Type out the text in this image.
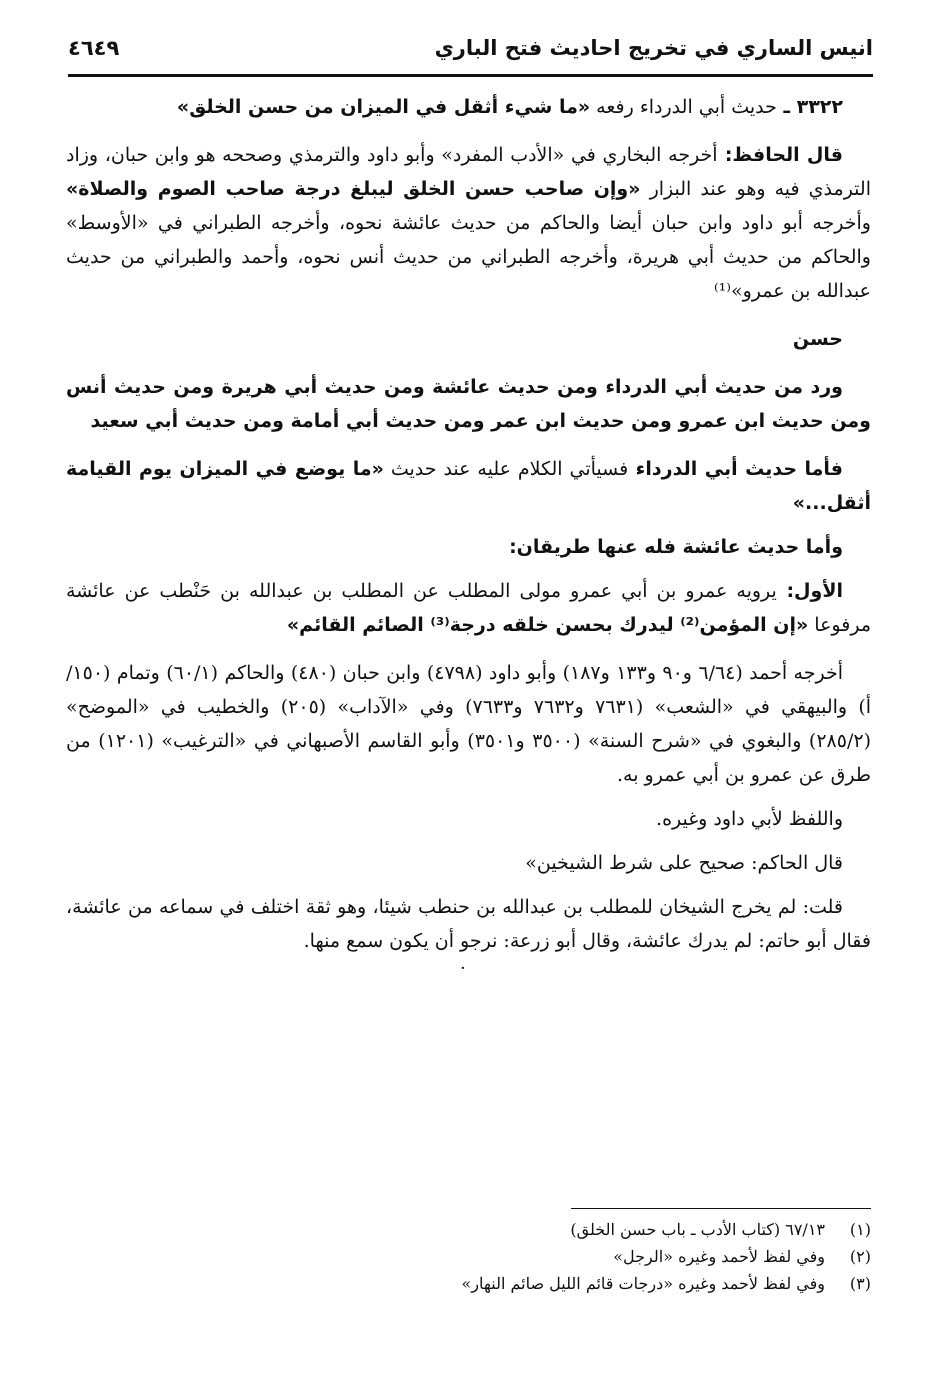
انيس الساري في تخريج احاديث فتح الباري
٤٦٤٩

٣٣٢٢ ـ حديث أبي الدرداء رفعه «ما شيء أثقل في الميزان من حسن الخلق»

قال الحافظ: أخرجه البخاري في «الأدب المفرد» وأبو داود والترمذي وصححه هو وابن حبان، وزاد الترمذي فيه وهو عند البزار «وإن صاحب حسن الخلق ليبلغ درجة صاحب الصوم والصلاة» وأخرجه أبو داود وابن حبان أيضا والحاكم من حديث عائشة نحوه، وأخرجه الطبراني في «الأوسط» والحاكم من حديث أبي هريرة، وأخرجه الطبراني من حديث أنس نحوه، وأحمد والطبراني من حديث عبدالله بن عمرو»⁽¹⁾

حسن

ورد من حديث أبي الدرداء ومن حديث عائشة ومن حديث أبي هريرة ومن حديث أنس ومن حديث ابن عمرو ومن حديث ابن عمر ومن حديث أبي أمامة ومن حديث أبي سعيد

فأما حديث أبي الدرداء فسيأتي الكلام عليه عند حديث «ما يوضع في الميزان يوم القيامة أثقل...»

وأما حديث عائشة فله عنها طريقان:

الأول: يرويه عمرو بن أبي عمرو مولى المطلب عن المطلب بن عبدالله بن حَنْطب عن عائشة مرفوعا «إن المؤمن⁽²⁾ ليدرك بحسن خلقه درجة⁽³⁾ الصائم القائم»

أخرجه أحمد (٦/٦٤ و٩٠ و١٣٣ و١٨٧) وأبو داود (٤٧٩٨) وابن حبان (٤٨٠) والحاكم (٦٠/١) وتمام (١٥٠/أ) والبيهقي في «الشعب» (٧٦٣١ و٧٦٣٢ و٧٦٣٣) وفي «الآداب» (٢٠٥) والخطيب في «الموضح» (٢٨٥/٢) والبغوي في «شرح السنة» (٣٥٠٠ و٣٥٠١) وأبو القاسم الأصبهاني في «الترغيب» (١٢٠١) من طرق عن عمرو بن أبي عمرو به.

واللفظ لأبي داود وغيره.

قال الحاكم: صحيح على شرط الشيخين»

قلت: لم يخرج الشيخان للمطلب بن عبدالله بن حنطب شيئا، وهو ثقة اختلف في سماعه من عائشة، فقال أبو حاتم: لم يدرك عائشة، وقال أبو زرعة: نرجو أن يكون سمع منها.

·
(١)
٦٧/١٣ (كتاب الأدب ـ باب حسن الخلق)
(٢)
وفي لفظ لأحمد وغيره «الرجل»
(٣)
وفي لفظ لأحمد وغيره «درجات قائم الليل صائم النهار»
